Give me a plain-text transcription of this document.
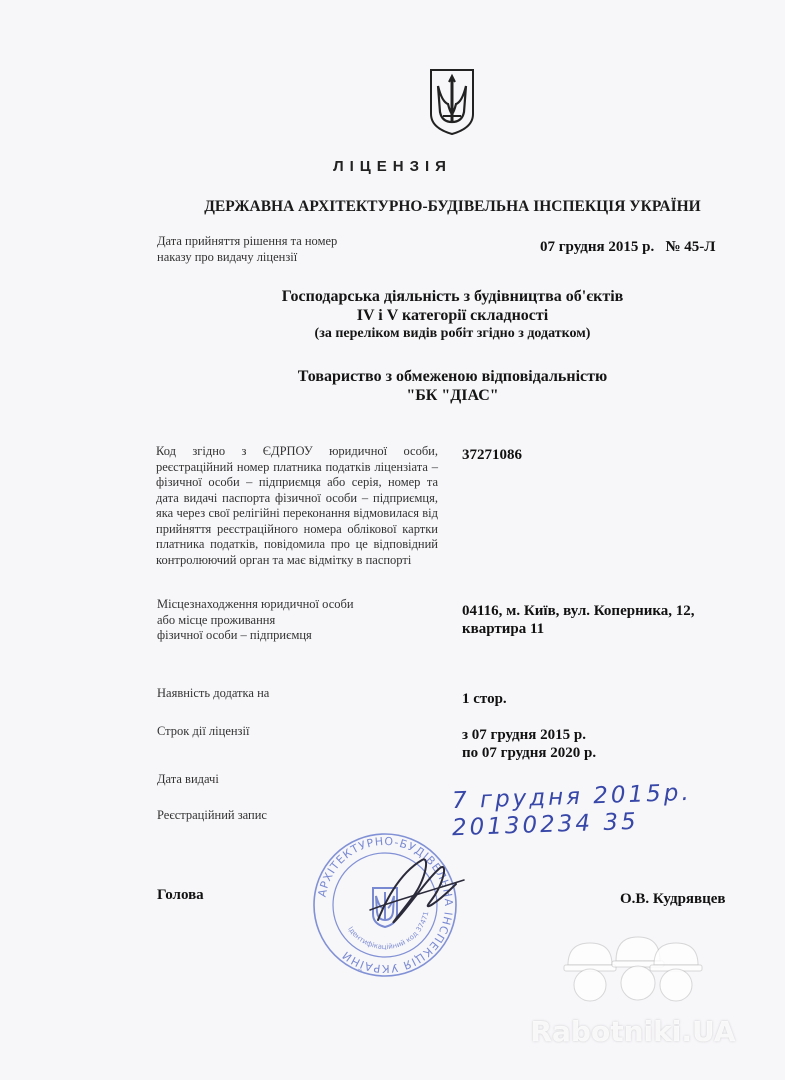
ЛІЦЕНЗІЯ
ДЕРЖАВНА АРХІТЕКТУРНО-БУДІВЕЛЬНА ІНСПЕКЦІЯ УКРАЇНИ
Дата прийняття рішення та номер
наказу про видачу ліцензії
07 грудня 2015 р.   № 45-Л
Господарська діяльність з будівництва об'єктів
IV і V категорії складності
(за переліком видів робіт згідно з додатком)
Товариство з обмеженою відповідальністю
"БК "ДІАС"
Код згідно з ЄДРПОУ юридичної особи, реєстраційний номер платника податків ліцензіата – фізичної особи – підприємця або серія, номер та дата видачі паспорта фізичної особи – підприємця, яка через свої релігійні переконання відмовилася від прийняття реєстраційного номера облікової картки платника податків, повідомила про це відповідний контролюючий орган та має відмітку в паспорті
37271086
Місцезнаходження юридичної особи
або місце проживання
фізичної особи – підприємця
04116, м. Київ, вул. Коперника, 12,
квартира 11
Наявність додатка на	1 стор.
Строк дії ліцензії	з 07 грудня 2015 р.
по 07 грудня 2020 р.
Дата видачі
7 грудня 2015р.
Реєстраційний запис	20130234 35
Голова	О.В. Кудрявцев
АРХІТЕКТУРНО-БУДІВЕЛЬНА ІНСПЕКЦІЯ УКРАЇНИ
Ідентифікаційний код 37471
Rabotniki.UA
